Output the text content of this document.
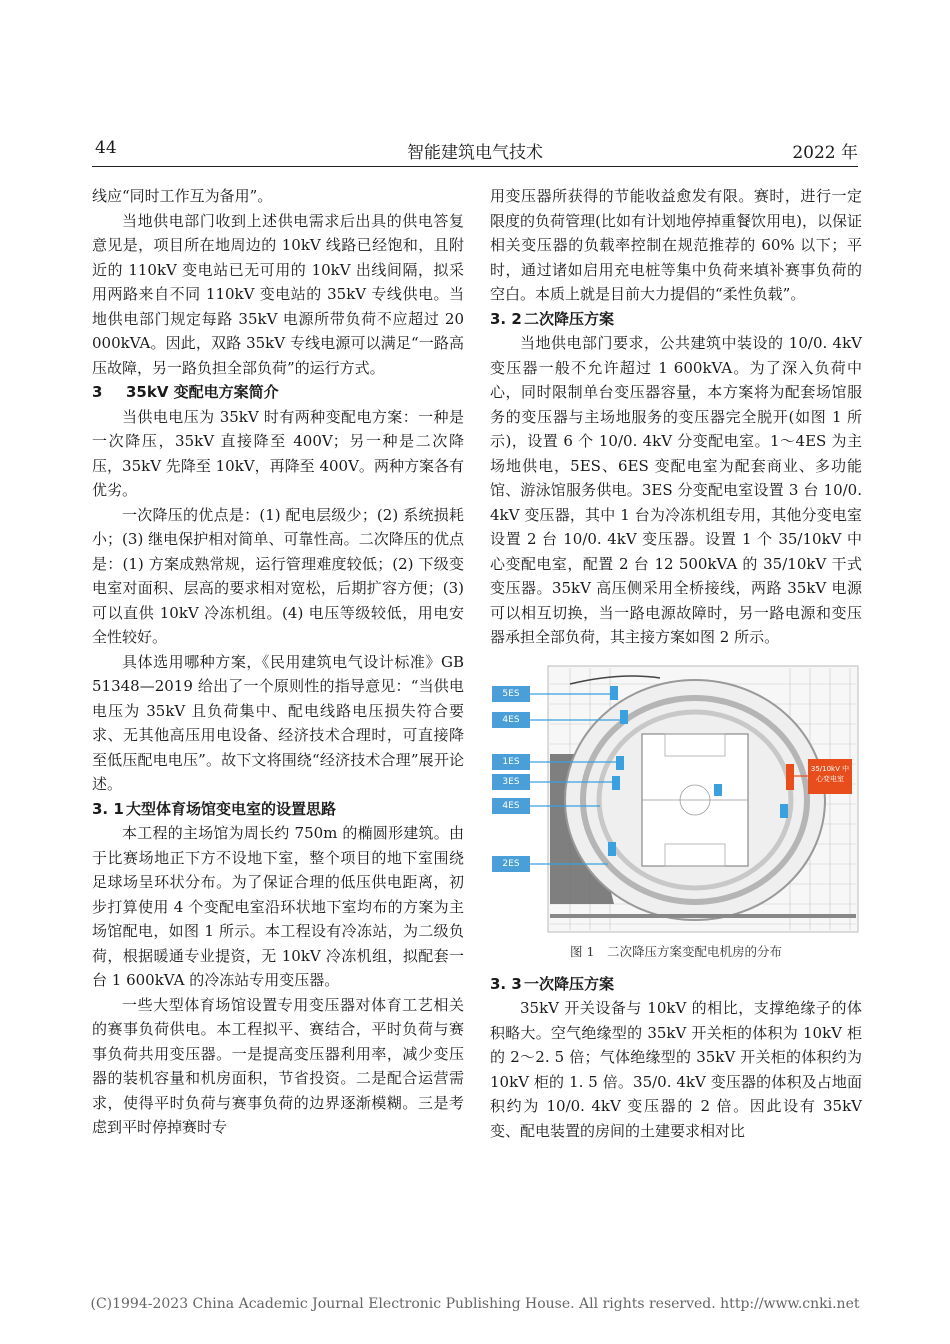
44	智能建筑电气技术	2022 年

线应“同时工作互为备用”。

当地供电部门收到上述供电需求后出具的供电答复意见是，项目所在地周边的 10kV 线路已经饱和，且附近的 110kV 变电站已无可用的 10kV 出线间隔，拟采用两路来自不同 110kV 变电站的 35kV 专线供电。当地供电部门规定每路 35kV 电源所带负荷不应超过 20 000kVA。因此，双路 35kV 专线电源可以满足“一路高压故障，另一路负担全部负荷”的运行方式。

3 35kV 变配电方案简介

当供电电压为 35kV 时有两种变配电方案：一种是一次降压，35kV 直接降至 400V；另一种是二次降压，35kV 先降至 10kV，再降至 400V。两种方案各有优劣。

一次降压的优点是：(1) 配电层级少；(2) 系统损耗小；(3) 继电保护相对简单、可靠性高。二次降压的优点是：(1) 方案成熟常规，运行管理难度较低；(2) 下级变电室对面积、层高的要求相对宽松，后期扩容方便；(3) 可以直供 10kV 冷冻机组。(4) 电压等级较低，用电安全性较好。

具体选用哪种方案，《民用建筑电气设计标准》GB 51348—2019 给出了一个原则性的指导意见：“当供电电压为 35kV 且负荷集中、配电线路电压损失符合要求、无其他高压用电设备、经济技术合理时，可直接降至低压配电电压”。故下文将围绕“经济技术合理”展开论述。

3. 1 大型体育场馆变电室的设置思路

本工程的主场馆为周长约 750m 的椭圆形建筑。由于比赛场地正下方不设地下室，整个项目的地下室围绕足球场呈环状分布。为了保证合理的低压供电距离，初步打算使用 4 个变配电室沿环状地下室均布的方案为主场馆配电，如图 1 所示。本工程设有冷冻站，为二级负荷，根据暖通专业提资，无 10kV 冷冻机组，拟配套一台 1 600kVA 的冷冻站专用变压器。

一些大型体育场馆设置专用变压器对体育工艺相关的赛事负荷供电。本工程拟平、赛结合，平时负荷与赛事负荷共用变压器。一是提高变压器利用率，减少变压器的装机容量和机房面积，节省投资。二是配合运营需求，使得平时负荷与赛事负荷的边界逐渐模糊。三是考虑到平时停掉赛时专

用变压器所获得的节能收益愈发有限。赛时，进行一定限度的负荷管理(比如有计划地停掉重餐饮用电)，以保证相关变压器的负载率控制在规范推荐的 60% 以下；平时，通过诸如启用充电桩等集中负荷来填补赛事负荷的空白。本质上就是目前大力提倡的“柔性负载”。

3. 2 二次降压方案

当地供电部门要求，公共建筑中装设的 10/0. 4kV 变压器一般不允许超过 1 600kVA。为了深入负荷中心，同时限制单台变压器容量，本方案将为配套场馆服务的变压器与主场地服务的变压器完全脱开(如图 1 所示)，设置 6 个 10/0. 4kV 分变配电室。1～4ES 为主场地供电，5ES、6ES 变配电室为配套商业、多功能馆、游泳馆服务供电。3ES 分变配电室设置 3 台 10/0. 4kV 变压器，其中 1 台为冷冻机组专用，其他分变电室设置 2 台 10/0. 4kV 变压器。设置 1 个 35/10kV 中心变配电室，配置 2 台 12 500kVA 的 35/10kV 干式变压器。35kV 高压侧采用全桥接线，两路 35kV 电源可以相互切换，当一路电源故障时，另一路电源和变压器承担全部负荷，其主接方案如图 2 所示。

5ES
4ES
1ES
3ES
4ES
2ES
35/10kV 中
心变电室
图 1　二次降压方案变配电机房的分布

3. 3 一次降压方案

35kV 开关设备与 10kV 的相比，支撑绝缘子的体积略大。空气绝缘型的 35kV 开关柜的体积为 10kV 柜的 2～2. 5 倍；气体绝缘型的 35kV 开关柜的体积约为 10kV 柜的 1. 5 倍。35/0. 4kV 变压器的体积及占地面积约为 10/0. 4kV 变压器的 2 倍。因此设有 35kV 变、配电装置的房间的土建要求相对比

(C)1994-2023 China Academic Journal Electronic Publishing House. All rights reserved. http://www.cnki.net
